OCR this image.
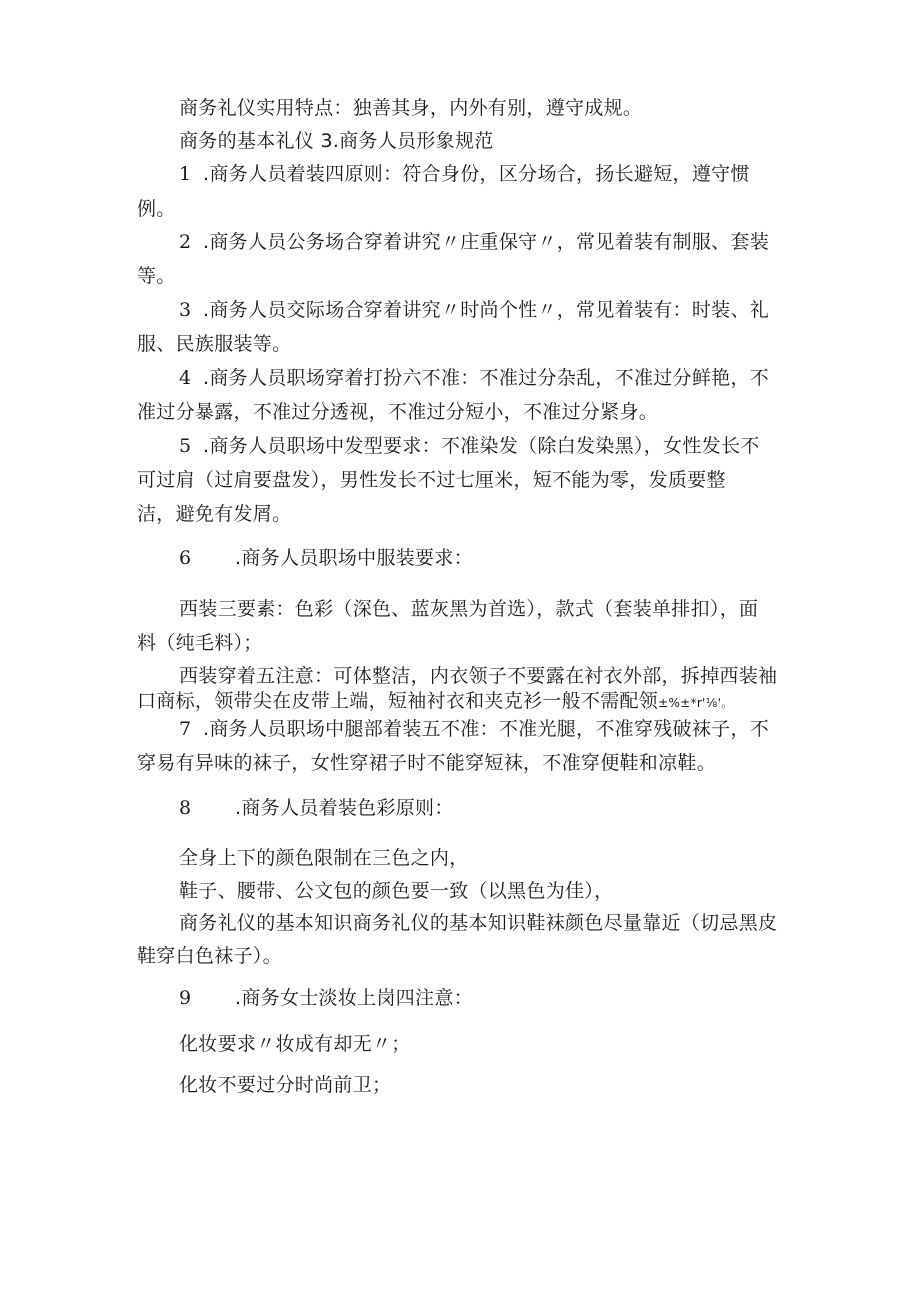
商务礼仪实用特点：独善其身，内外有别，遵守成规。
商务的基本礼仪 3.商务人员形象规范
1 .商务人员着装四原则：符合身份，区分场合，扬长避短，遵守惯
例。
2 .商务人员公务场合穿着讲究〃庄重保守〃，常见着装有制服、套装
等。
3 .商务人员交际场合穿着讲究〃时尚个性〃，常见着装有：时装、礼
服、民族服装等。
4 .商务人员职场穿着打扮六不准：不准过分杂乱，不准过分鲜艳，不
准过分暴露，不准过分透视，不准过分短小，不准过分紧身。
5 .商务人员职场中发型要求：不准染发（除白发染黑），女性发长不
可过肩（过肩要盘发），男性发长不过七厘米，短不能为零，发质要整
洁，避免有发屑。
6 .商务人员职场中服装要求：
西装三要素：色彩（深色、蓝灰黑为首选），款式（套装单排扣），面
料（纯毛料）；
西装穿着五注意：可体整洁，内衣领子不要露在衬衣外部，拆掉西装袖
口商标，领带尖在皮带上端，短袖衬衣和夹克衫一般不需配领±%±*r'⅛'。
7 .商务人员职场中腿部着装五不准：不准光腿，不准穿残破袜子，不
穿易有异味的袜子，女性穿裙子时不能穿短袜，不准穿便鞋和凉鞋。
8 .商务人员着装色彩原则：
全身上下的颜色限制在三色之内，
鞋子、腰带、公文包的颜色要一致（以黑色为佳），
商务礼仪的基本知识商务礼仪的基本知识鞋袜颜色尽量靠近（切忌黑皮
鞋穿白色袜子）。
9 .商务女士淡妆上岗四注意：
化妆要求〃妆成有却无〃；
化妆不要过分时尚前卫；
